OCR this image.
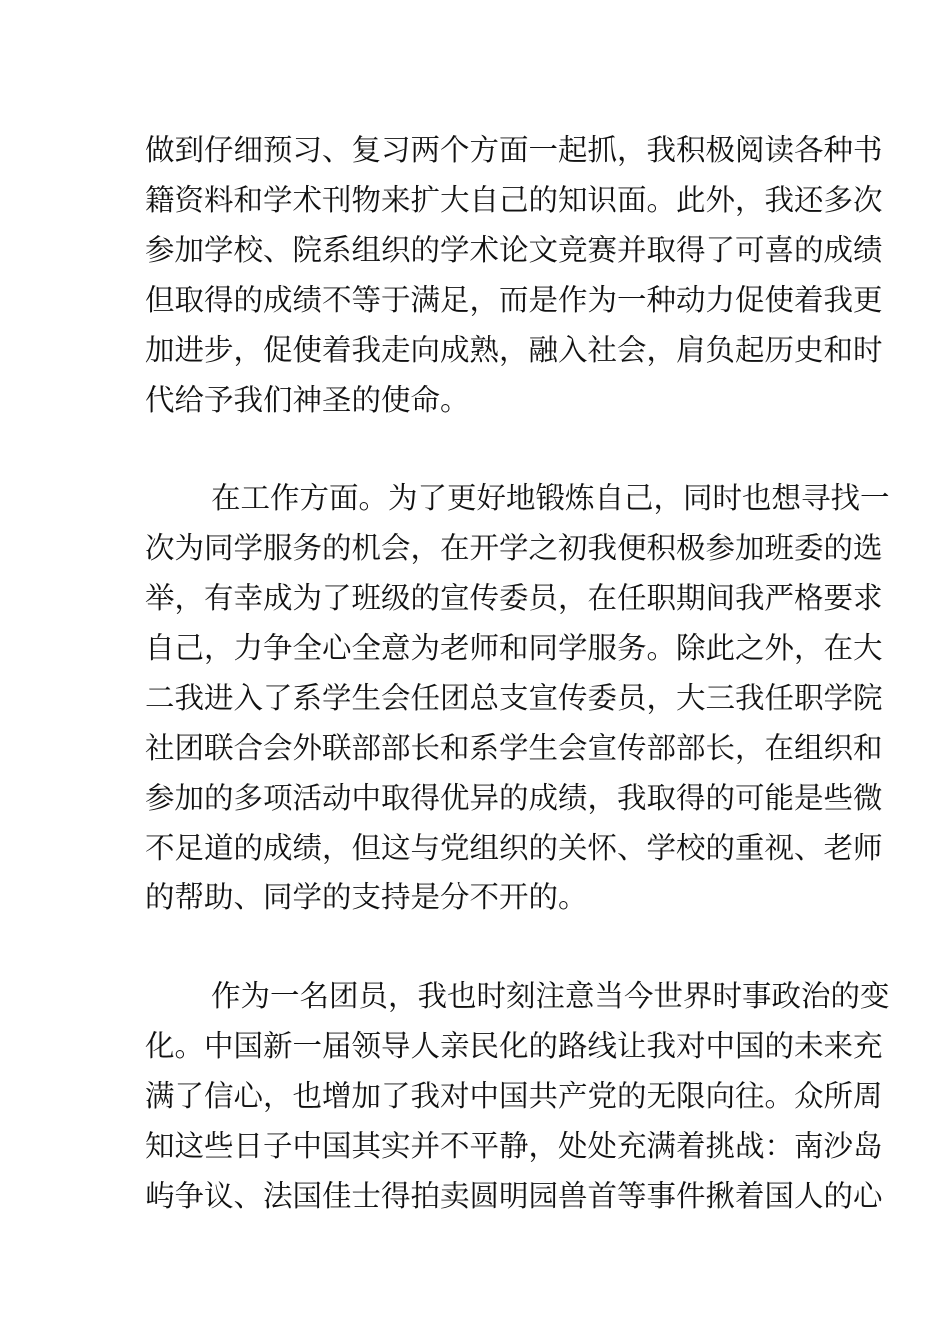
做到仔细预习、复习两个方面一起抓，我积极阅读各种书
籍资料和学术刊物来扩大自己的知识面。此外，我还多次
参加学校、院系组织的学术论文竞赛并取得了可喜的成绩
但取得的成绩不等于满足，而是作为一种动力促使着我更
加进步，促使着我走向成熟，融入社会，肩负起历史和时
代给予我们神圣的使命。
在工作方面。为了更好地锻炼自己，同时也想寻找一
次为同学服务的机会，在开学之初我便积极参加班委的选
举，有幸成为了班级的宣传委员，在任职期间我严格要求
自己，力争全心全意为老师和同学服务。除此之外，在大
二我进入了系学生会任团总支宣传委员，大三我任职学院
社团联合会外联部部长和系学生会宣传部部长，在组织和
参加的多项活动中取得优异的成绩，我取得的可能是些微
不足道的成绩，但这与党组织的关怀、学校的重视、老师
的帮助、同学的支持是分不开的。
作为一名团员，我也时刻注意当今世界时事政治的变
化。中国新一届领导人亲民化的路线让我对中国的未来充
满了信心，也增加了我对中国共产党的无限向往。众所周
知这些日子中国其实并不平静，处处充满着挑战：南沙岛
屿争议、法国佳士得拍卖圆明园兽首等事件揪着国人的心
